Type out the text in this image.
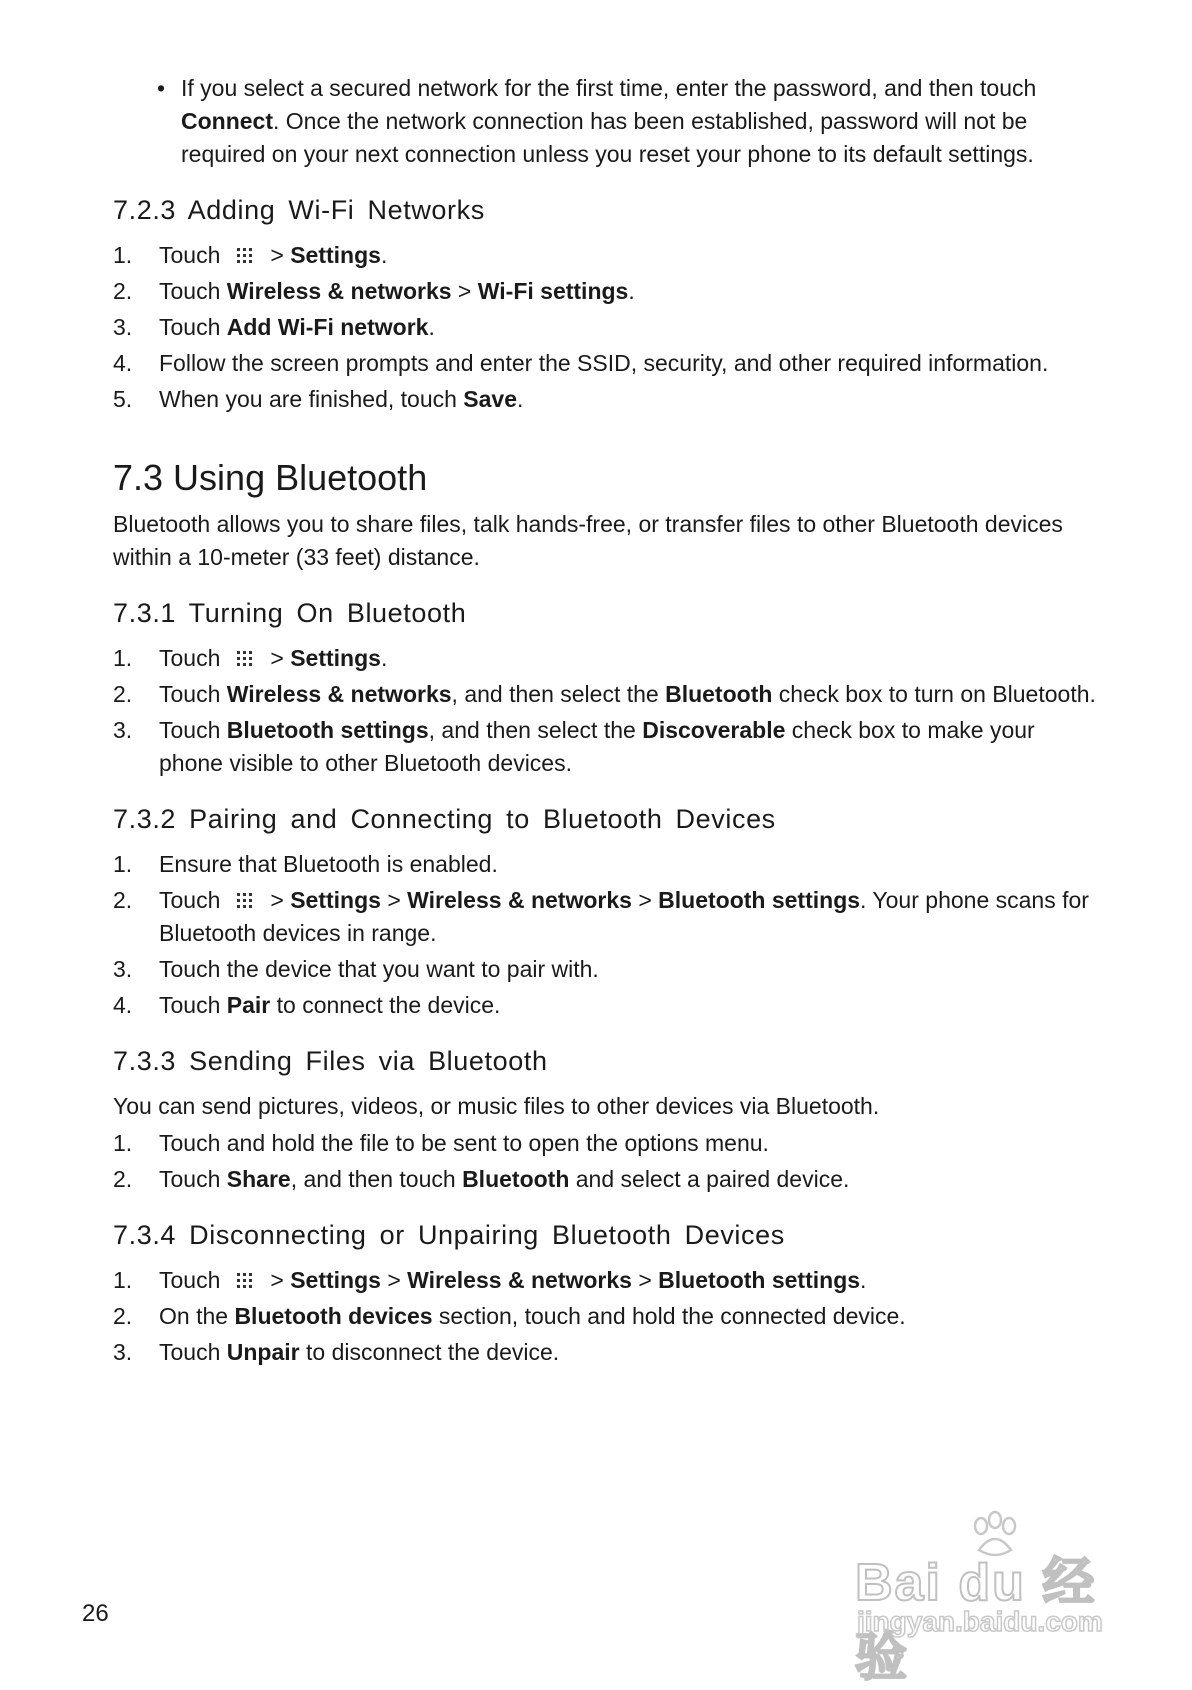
• If you select a secured network for the first time, enter the password, and then touch Connect. Once the network connection has been established, password will not be required on your next connection unless you reset your phone to its default settings.
7.2.3 Adding Wi-Fi Networks
1. Touch > Settings.
2. Touch Wireless & networks > Wi-Fi settings.
3. Touch Add Wi-Fi network.
4. Follow the screen prompts and enter the SSID, security, and other required information.
5. When you are finished, touch Save.
7.3 Using Bluetooth

Bluetooth allows you to share files, talk hands-free, or transfer files to other Bluetooth devices within a 10-meter (33 feet) distance.

7.3.1 Turning On Bluetooth
1. Touch > Settings.
2. Touch Wireless & networks, and then select the Bluetooth check box to turn on Bluetooth.
3. Touch Bluetooth settings, and then select the Discoverable check box to make your phone visible to other Bluetooth devices.
7.3.2 Pairing and Connecting to Bluetooth Devices
1. Ensure that Bluetooth is enabled.
2. Touch > Settings > Wireless & networks > Bluetooth settings. Your phone scans for Bluetooth devices in range.
3. Touch the device that you want to pair with.
4. Touch Pair to connect the device.
7.3.3 Sending Files via Bluetooth

You can send pictures, videos, or music files to other devices via Bluetooth.

1. Touch and hold the file to be sent to open the options menu.
2. Touch Share, and then touch Bluetooth and select a paired device.
7.3.4 Disconnecting or Unpairing Bluetooth Devices
1. Touch > Settings > Wireless & networks > Bluetooth settings.
2. On the Bluetooth devices section, touch and hold the connected device.
3. Touch Unpair to disconnect the device.
26
Bai du 经验
jingyan.baidu.com
